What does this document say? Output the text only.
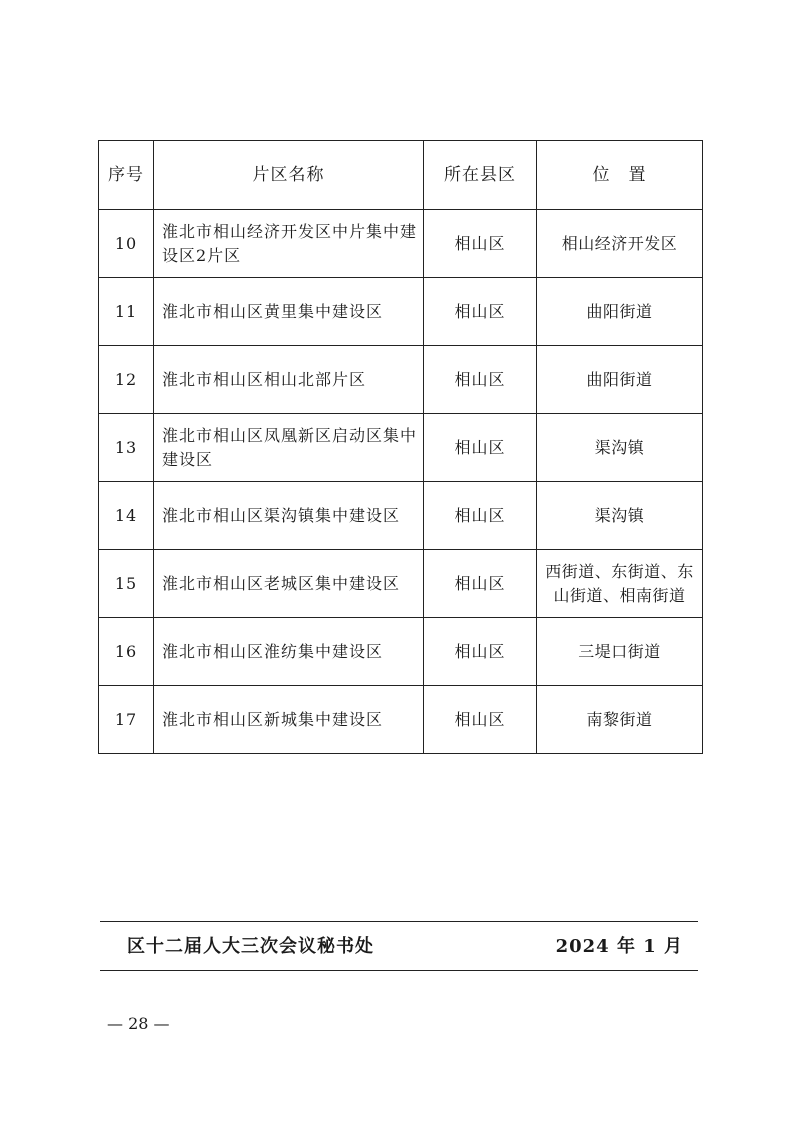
序号	片区名称	所在县区	位　置
10	淮北市相山经济开发区中片集中建设区2片区	相山区	相山经济开发区
11	淮北市相山区黄里集中建设区	相山区	曲阳街道
12	淮北市相山区相山北部片区	相山区	曲阳街道
13	淮北市相山区凤凰新区启动区集中建设区	相山区	渠沟镇
14	淮北市相山区渠沟镇集中建设区	相山区	渠沟镇
15	淮北市相山区老城区集中建设区	相山区	西街道、东街道、东山街道、相南街道
16	淮北市相山区淮纺集中建设区	相山区	三堤口街道
17	淮北市相山区新城集中建设区	相山区	南黎街道
区十二届人大三次会议秘书处	2024 年 1 月
— 28 —
